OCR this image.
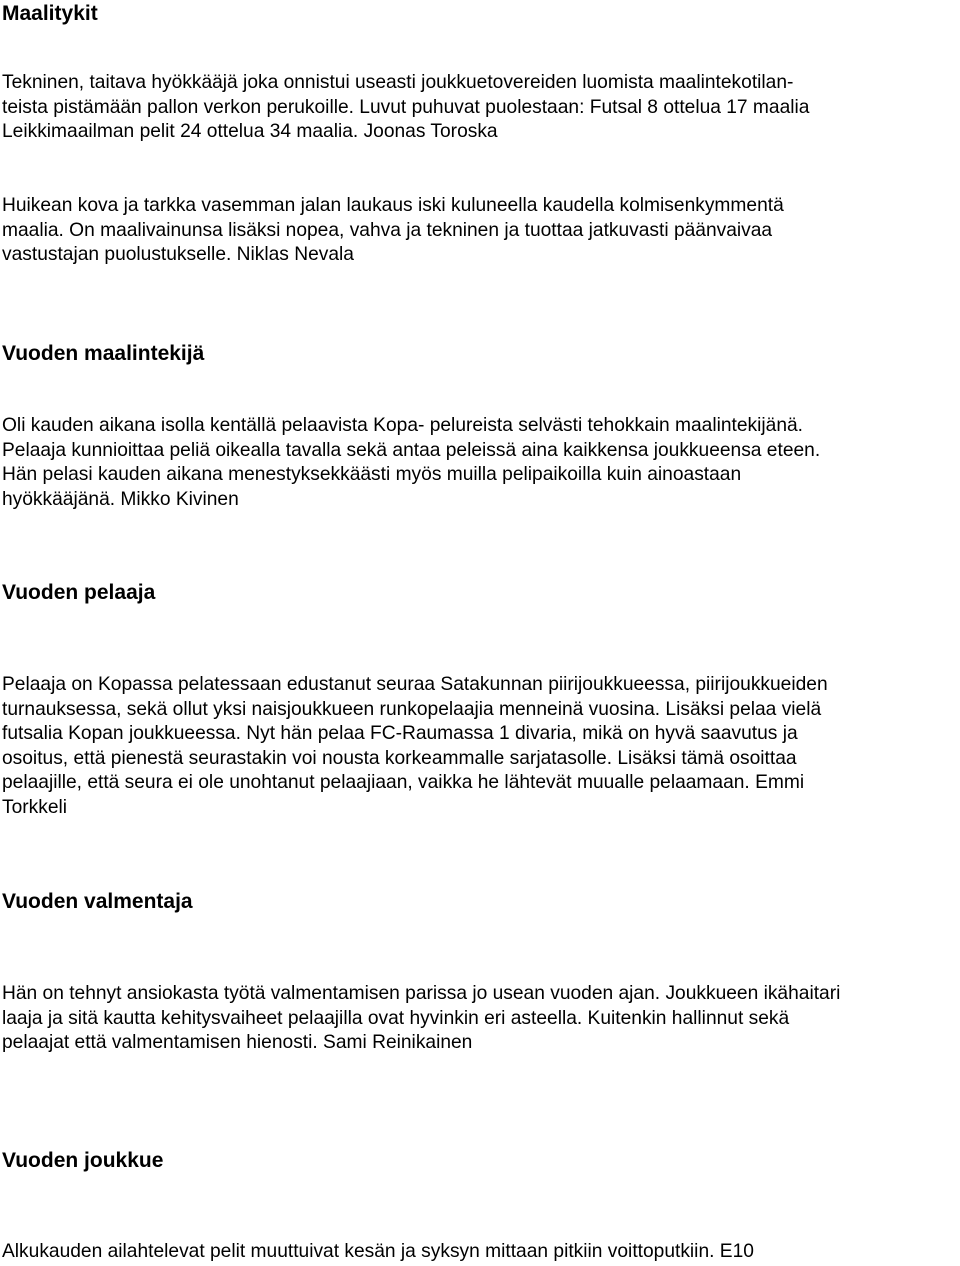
Maalitykit
Tekninen, taitava hyökkääjä joka onnistui useasti joukkuetovereiden luomista maalintekotilan-
teista pistämään pallon verkon perukoille. Luvut puhuvat puolestaan: Futsal 8 ottelua 17 maalia
Leikkimaailman pelit 24 ottelua 34 maalia. Joonas Toroska
Huikean kova ja tarkka vasemman jalan laukaus iski kuluneella kaudella kolmisenkymmentä
maalia. On maalivainunsa lisäksi nopea, vahva ja tekninen ja tuottaa jatkuvasti päänvaivaa
vastustajan puolustukselle. Niklas Nevala
Vuoden maalintekijä
Oli kauden aikana isolla kentällä pelaavista Kopa- pelureista selvästi tehokkain maalintekijänä.
Pelaaja kunnioittaa peliä oikealla tavalla sekä antaa peleissä aina kaikkensa joukkueensa eteen.
Hän pelasi kauden aikana menestyksekkäästi myös muilla pelipaikoilla kuin ainoastaan
hyökkääjänä. Mikko Kivinen
Vuoden pelaaja
Pelaaja on Kopassa pelatessaan edustanut seuraa Satakunnan piirijoukkueessa, piirijoukkueiden
turnauksessa, sekä ollut yksi naisjoukkueen runkopelaajia menneinä vuosina. Lisäksi pelaa vielä
futsalia Kopan joukkueessa. Nyt hän pelaa FC-Raumassa 1 divaria, mikä on hyvä saavutus ja
osoitus, että pienestä seurastakin voi nousta korkeammalle sarjatasolle. Lisäksi tämä osoittaa
pelaajille, että seura ei ole unohtanut pelaajiaan, vaikka he lähtevät muualle pelaamaan. Emmi
Torkkeli
Vuoden valmentaja
Hän on tehnyt ansiokasta työtä valmentamisen parissa jo usean vuoden ajan. Joukkueen ikähaitari
laaja ja sitä kautta kehitysvaiheet pelaajilla ovat hyvinkin eri asteella. Kuitenkin hallinnut sekä
pelaajat että valmentamisen hienosti. Sami Reinikainen
Vuoden joukkue
Alkukauden ailahtelevat pelit muuttuivat kesän ja syksyn mittaan pitkiin voittoputkiin. E10
